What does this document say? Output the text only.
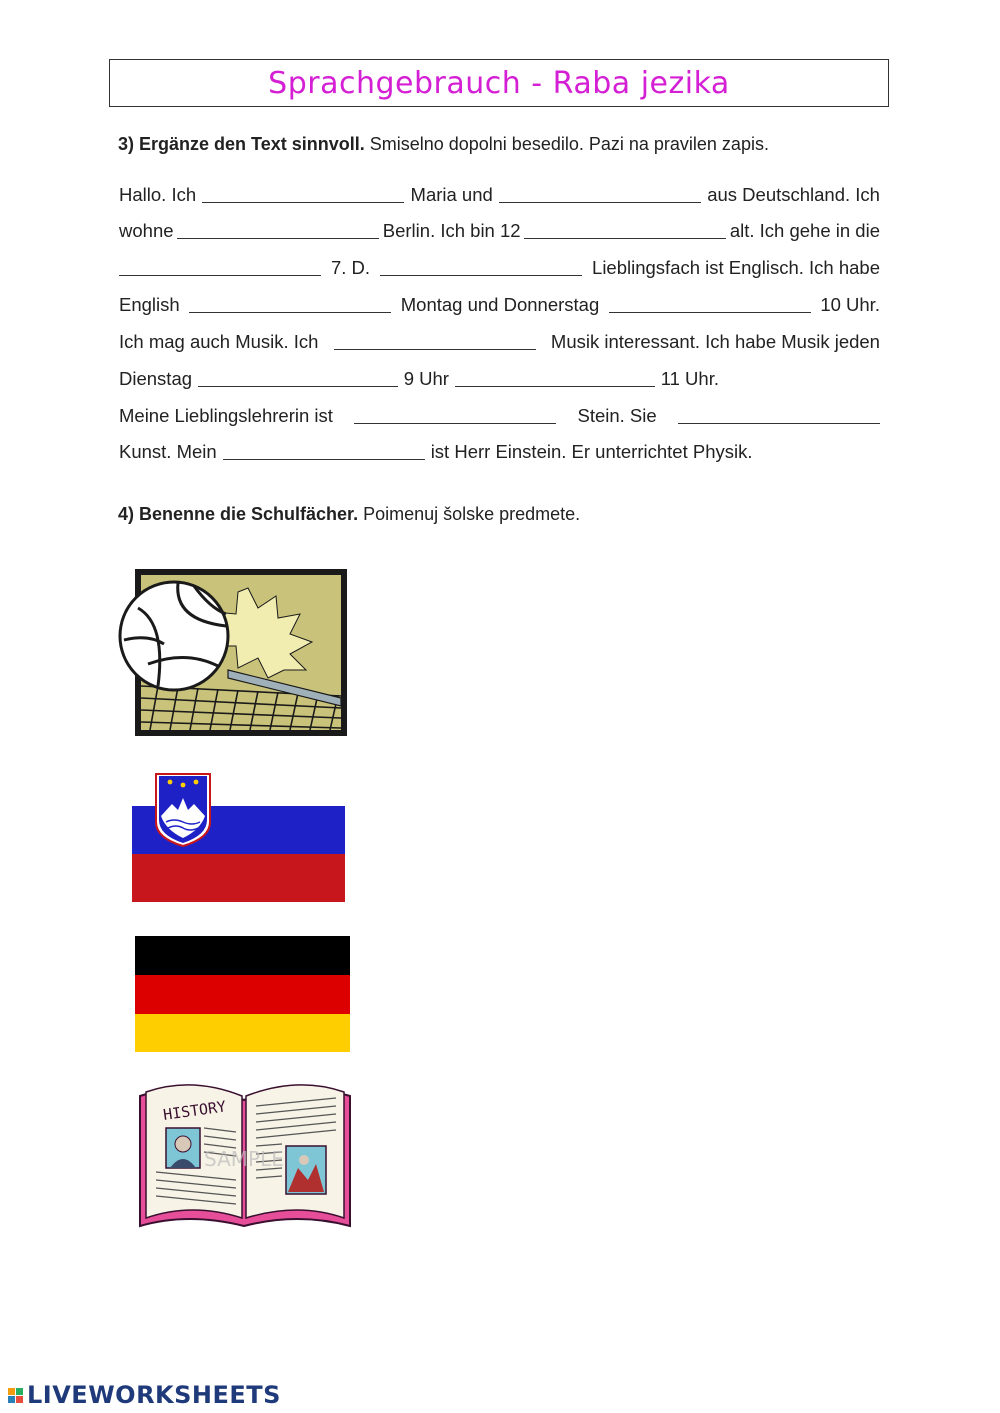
Sprachgebrauch - Raba jezika
3) Ergänze den Text sinnvoll. Smiselno dopolni besedilo. Pazi na pravilen zapis.
Hallo. Ich	Maria und	aus Deutschland. Ich
wohne	Berlin. Ich bin 12	alt. Ich gehe in die
7. D.	Lieblingsfach ist Englisch. Ich habe
English	Montag und Donnerstag	10 Uhr.
Ich mag auch Musik. Ich	Musik interessant. Ich habe Musik jeden
Dienstag	9 Uhr	11 Uhr.
Meine Lieblingslehrerin ist	Stein. Sie
Kunst. Mein	ist Herr Einstein. Er unterrichtet Physik.
4) Benenne die Schulfächer. Poimenuj šolske predmete.
HISTORY
SAMPLE
LIVEWORKSHEETS
